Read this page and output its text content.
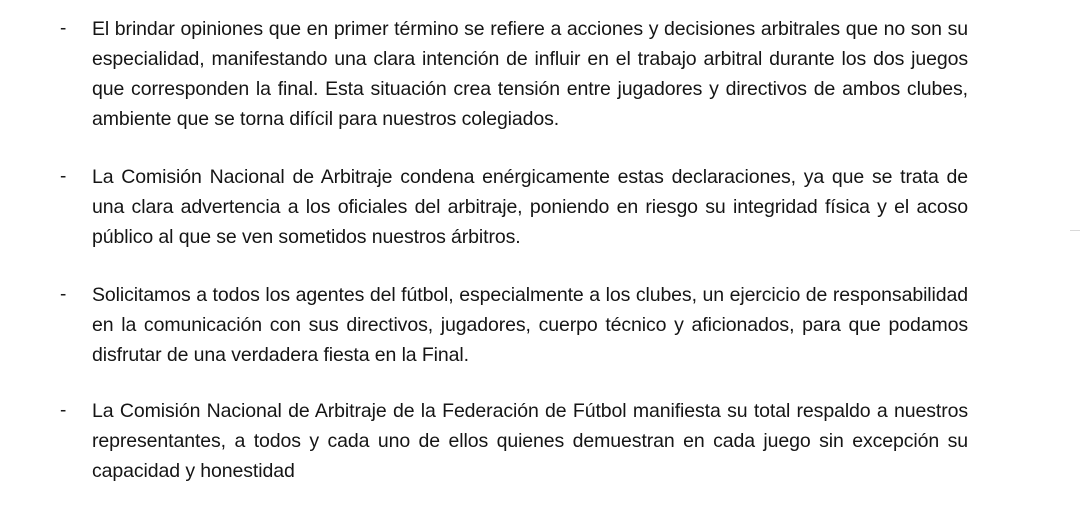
-	El brindar opiniones que en primer término se refiere a acciones y decisiones arbitrales que no son su especialidad, manifestando una clara intención de influir en el trabajo arbitral durante los dos juegos que corresponden la final. Esta situación crea tensión entre jugadores y directivos de ambos clubes, ambiente que se torna difícil para nuestros colegiados.
-	La Comisión Nacional de Arbitraje condena enérgicamente estas declaraciones, ya que se trata de una clara advertencia a los oficiales del arbitraje, poniendo en riesgo su integridad física y el acoso público al que se ven sometidos nuestros árbitros.
-	Solicitamos a todos los agentes del fútbol, especialmente a los clubes, un ejercicio de responsabilidad en la comunicación con sus directivos, jugadores, cuerpo técnico y aficionados, para que podamos disfrutar de una verdadera fiesta en la Final.
-	La Comisión Nacional de Arbitraje de la Federación de Fútbol manifiesta su total respaldo a nuestros representantes, a todos y cada uno de ellos quienes demuestran en cada juego sin excepción su capacidad y honestidad
